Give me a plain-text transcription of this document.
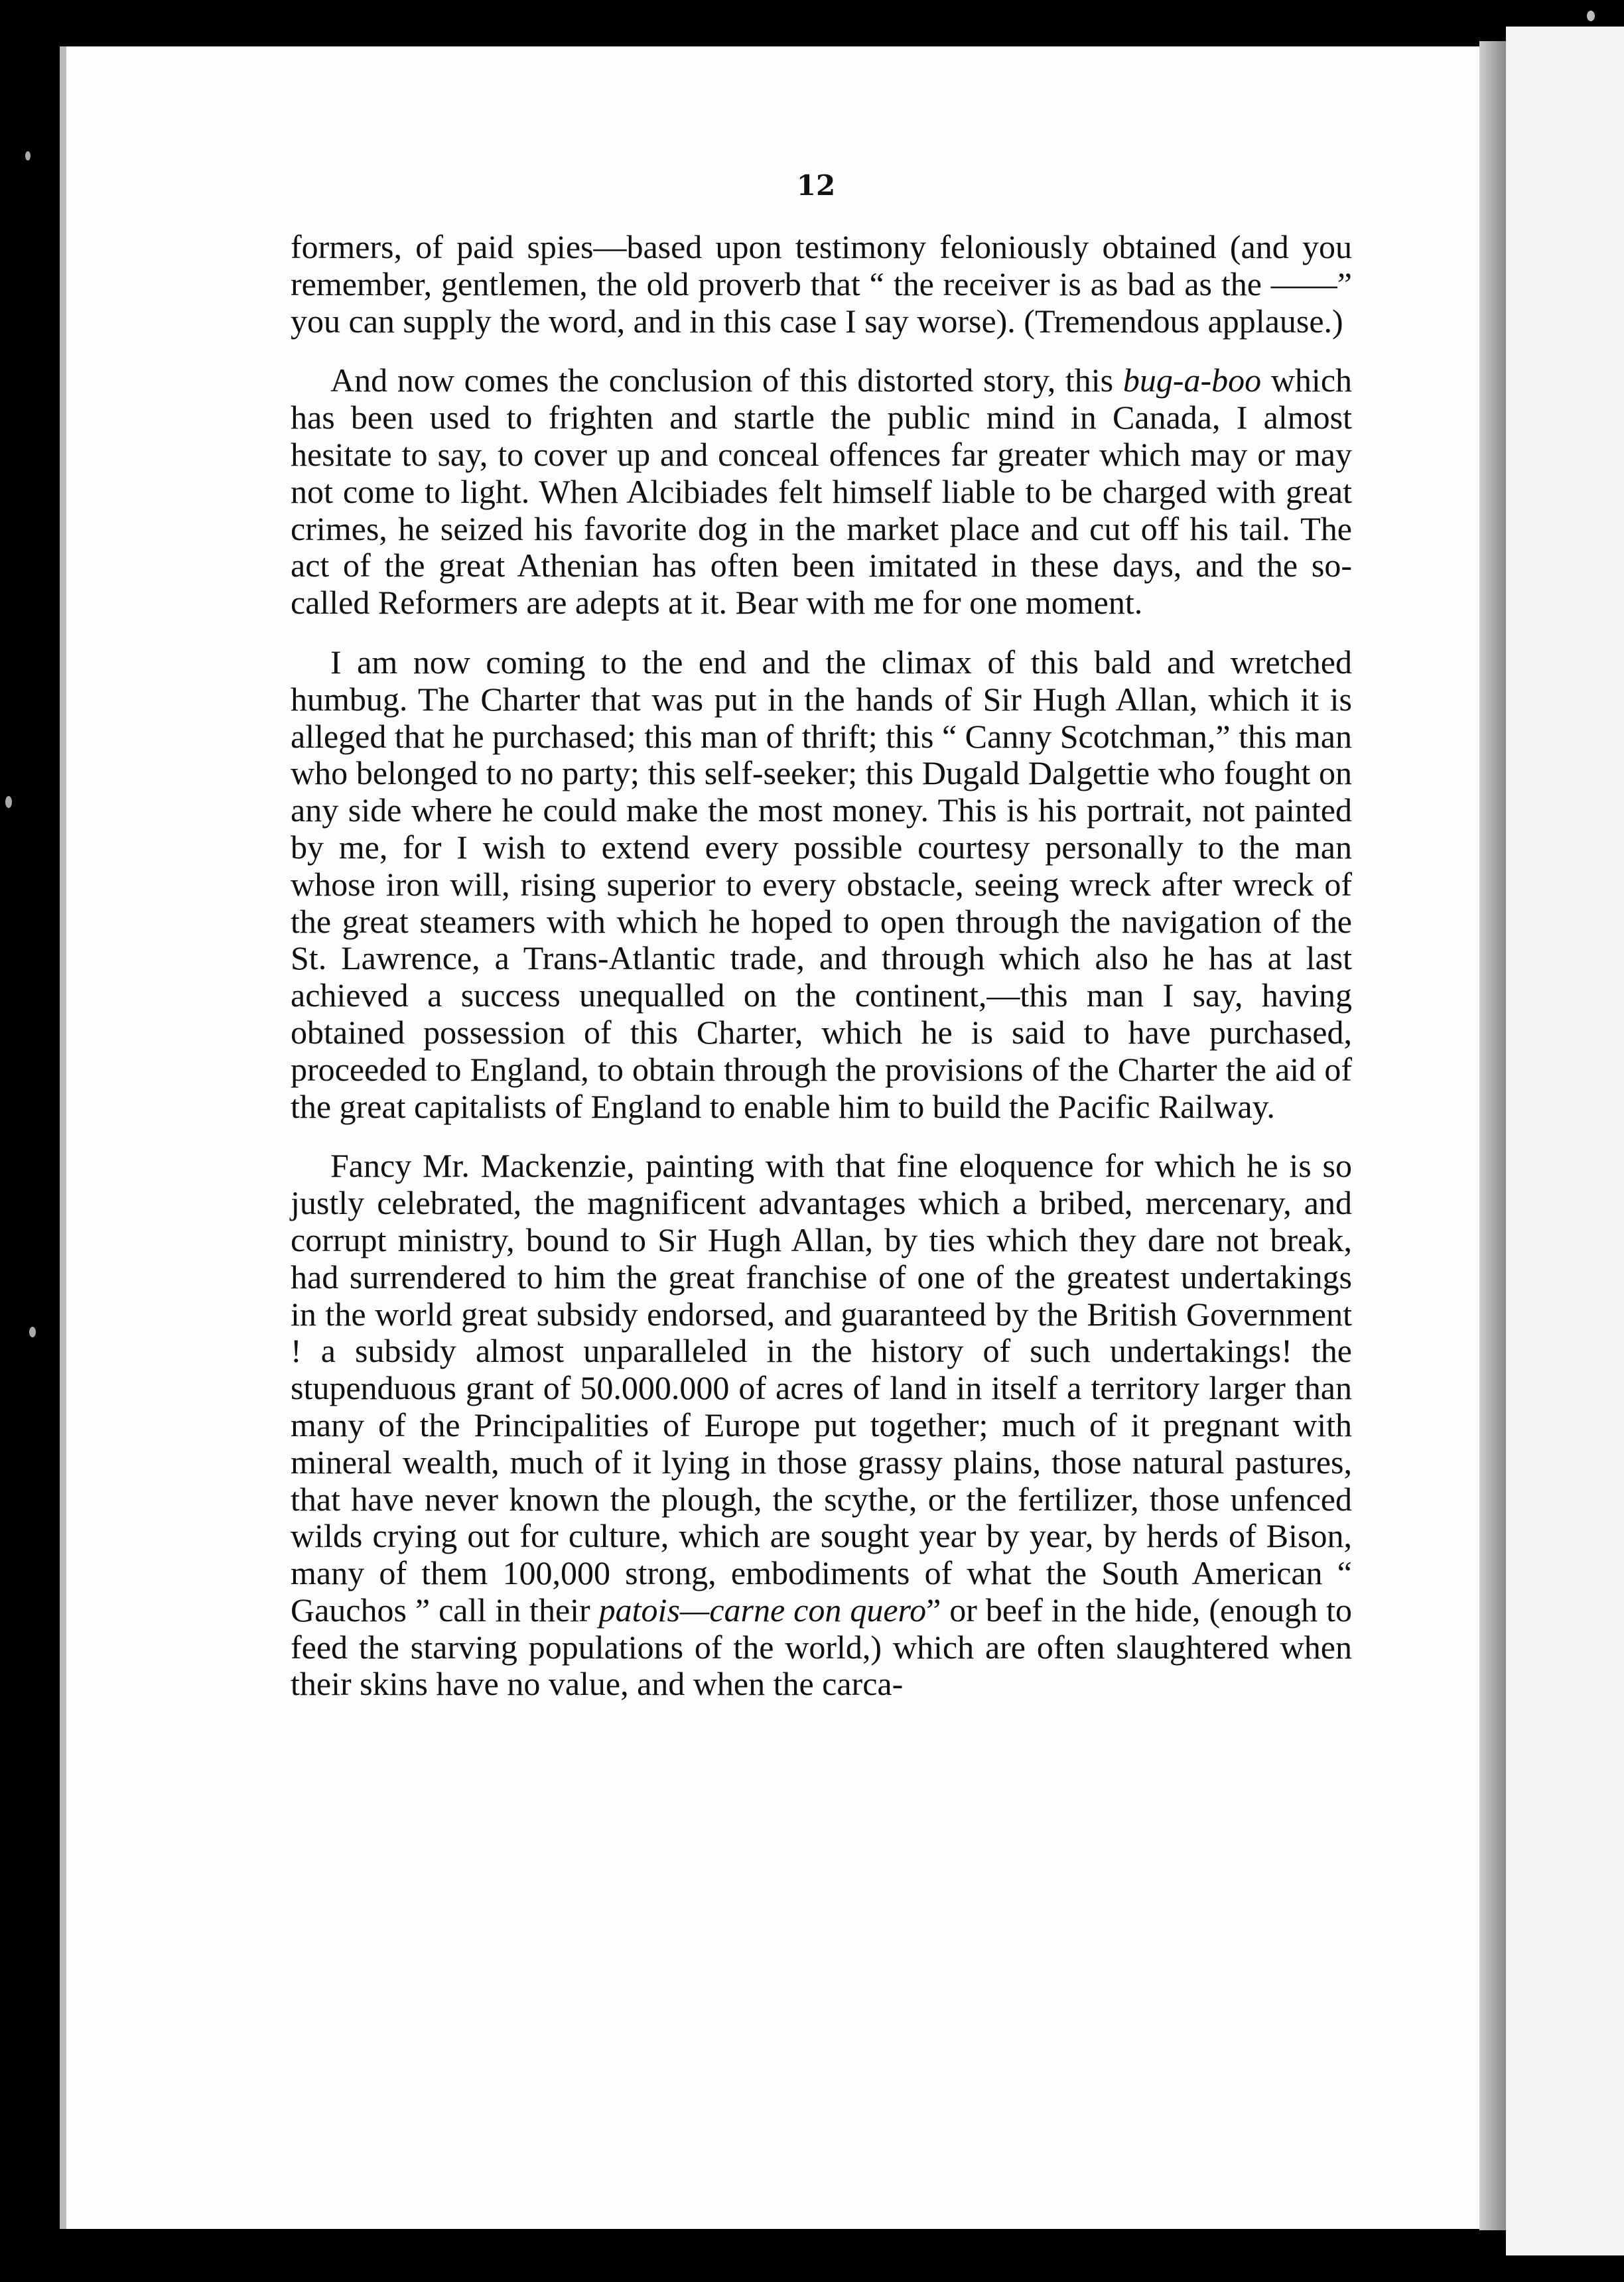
12

formers, of paid spies—based upon testimony feloniously obtained (and you remember, gentlemen, the old proverb that “ the receiver is as bad as the ——” you can supply the word, and in this case I say worse). (Tremendous applause.)

And now comes the conclusion of this distorted story, this bug-a-boo which has been used to frighten and startle the public mind in Canada, I almost hesitate to say, to cover up and conceal offences far greater which may or may not come to light. When Alcibiades felt himself liable to be charged with great crimes, he seized his favorite dog in the market place and cut off his tail. The act of the great Athenian has often been imitated in these days, and the so-called Reformers are adepts at it. Bear with me for one moment.

I am now coming to the end and the climax of this bald and wretched humbug. The Charter that was put in the hands of Sir Hugh Allan, which it is alleged that he purchased; this man of thrift; this “ Canny Scotchman,” this man who belonged to no party; this self-seeker; this Dugald Dalgettie who fought on any side where he could make the most money. This is his portrait, not painted by me, for I wish to extend every possible courtesy personally to the man whose iron will, rising superior to every obstacle, seeing wreck after wreck of the great steamers with which he hoped to open through the navigation of the St. Lawrence, a Trans-Atlantic trade, and through which also he has at last achieved a success unequalled on the continent,—this man I say, having obtained possession of this Charter, which he is said to have purchased, proceeded to England, to obtain through the provisions of the Charter the aid of the great capitalists of England to enable him to build the Pacific Railway.

Fancy Mr. Mackenzie, painting with that fine eloquence for which he is so justly celebrated, the magnificent advantages which a bribed, mercenary, and corrupt ministry, bound to Sir Hugh Allan, by ties which they dare not break, had surrendered to him the great franchise of one of the greatest undertakings in the world great subsidy endorsed, and guaranteed by the British Government ! a subsidy almost unparalleled in the history of such undertakings! the stupenduous grant of 50.000.000 of acres of land in itself a territory larger than many of the Principalities of Europe put together; much of it pregnant with mineral wealth, much of it lying in those grassy plains, those natural pastures, that have never known the plough, the scythe, or the fertilizer, those unfenced wilds crying out for culture, which are sought year by year, by herds of Bison, many of them 100,000 strong, embodiments of what the South American “ Gauchos ” call in their patois—carne con quero” or beef in the hide, (enough to feed the starving populations of the world,) which are often slaughtered when their skins have no value, and when the carca-
